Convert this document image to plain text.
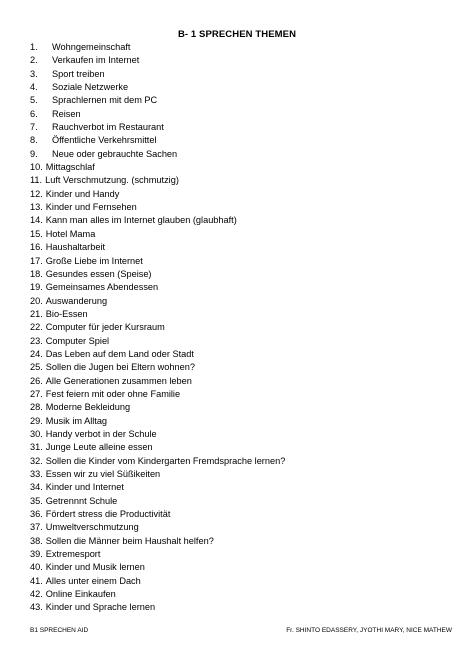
B- 1 SPRECHEN THEMEN
1.	Wohngemeinschaft
2.	Verkaufen im Internet
3.	Sport treiben
4.	Soziale Netzwerke
5.	Sprachlernen mit dem PC
6.	Reisen
7.	Rauchverbot im Restaurant
8.	Öffentliche Verkehrsmittel
9.	Neue oder gebrauchte Sachen
10. Mittagschlaf
11. Luft Verschmutzung. (schmutzig)
12. Kinder und Handy
13. Kinder und Fernsehen
14. Kann man alles im Internet glauben (glaubhaft)
15. Hotel Mama
16. Haushaltarbeit
17. Große Liebe im Internet
18. Gesundes essen (Speise)
19. Gemeinsames Abendessen
20. Auswanderung
21. Bio-Essen
22. Computer für jeder Kursraum
23. Computer Spiel
24. Das Leben auf dem Land oder Stadt
25. Sollen die Jugen bei Eltern wohnen?
26. Alle Generationen zusammen leben
27. Fest feiern mit oder ohne Familie
28. Moderne Bekleidung
29. Musik im Alltag
30. Handy verbot in der Schule
31. Junge Leute alleine essen
32. Sollen die Kinder vom Kindergarten Fremdsprache lernen?
33. Essen wir zu viel Süßikeiten
34. Kinder und Internet
35. Getrennnt Schule
36. Fördert stress die Productivität
37. Umweltverschmutzung
38. Sollen die Männer beim Haushalt helfen?
39. Extremesport
40. Kinder und Musik lernen
41. Alles unter einem Dach
42. Online Einkaufen
43. Kinder und Sprache lernen
B1 SPRECHEN AID	Fr. SHINTO EDASSERY, JYOTHI MARY, NICE MATHEW
